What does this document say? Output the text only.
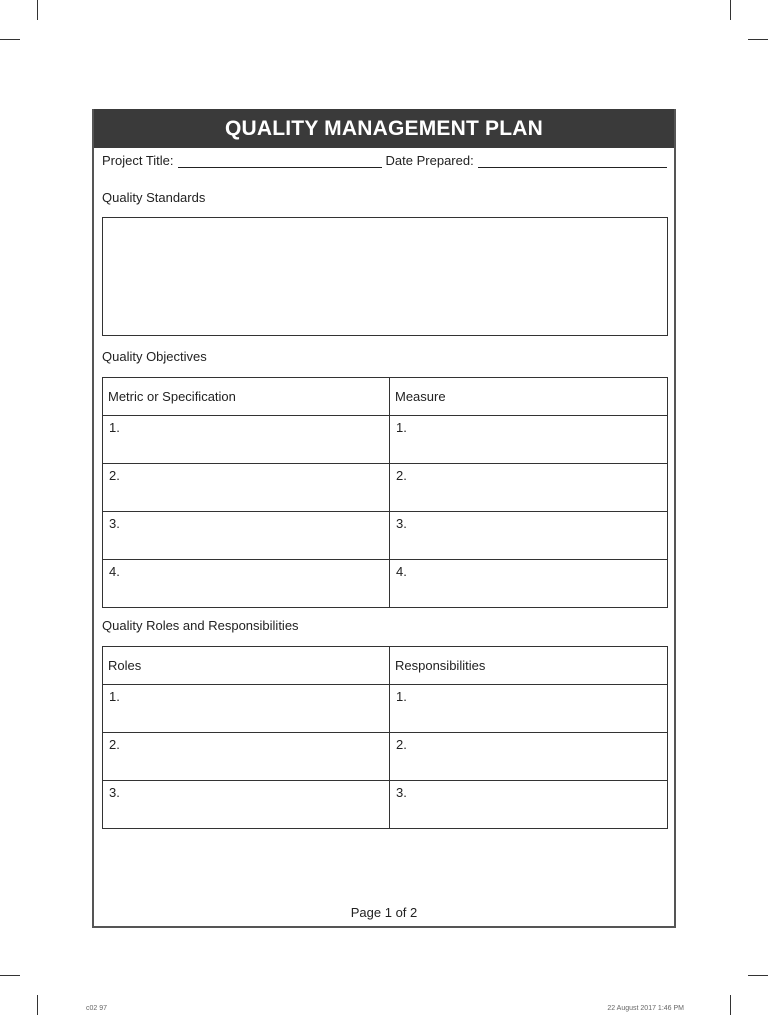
QUALITY MANAGEMENT PLAN
Project Title:	Date Prepared:
Quality Standards
Quality Objectives
Metric or Specification	Measure
1.	1.
2.	2.
3.	3.
4.	4.
Quality Roles and Responsibilities
Roles	Responsibilities
1.	1.
2.	2.
3.	3.
Page 1 of 2
c02 97	22 August 2017 1:46 PM
